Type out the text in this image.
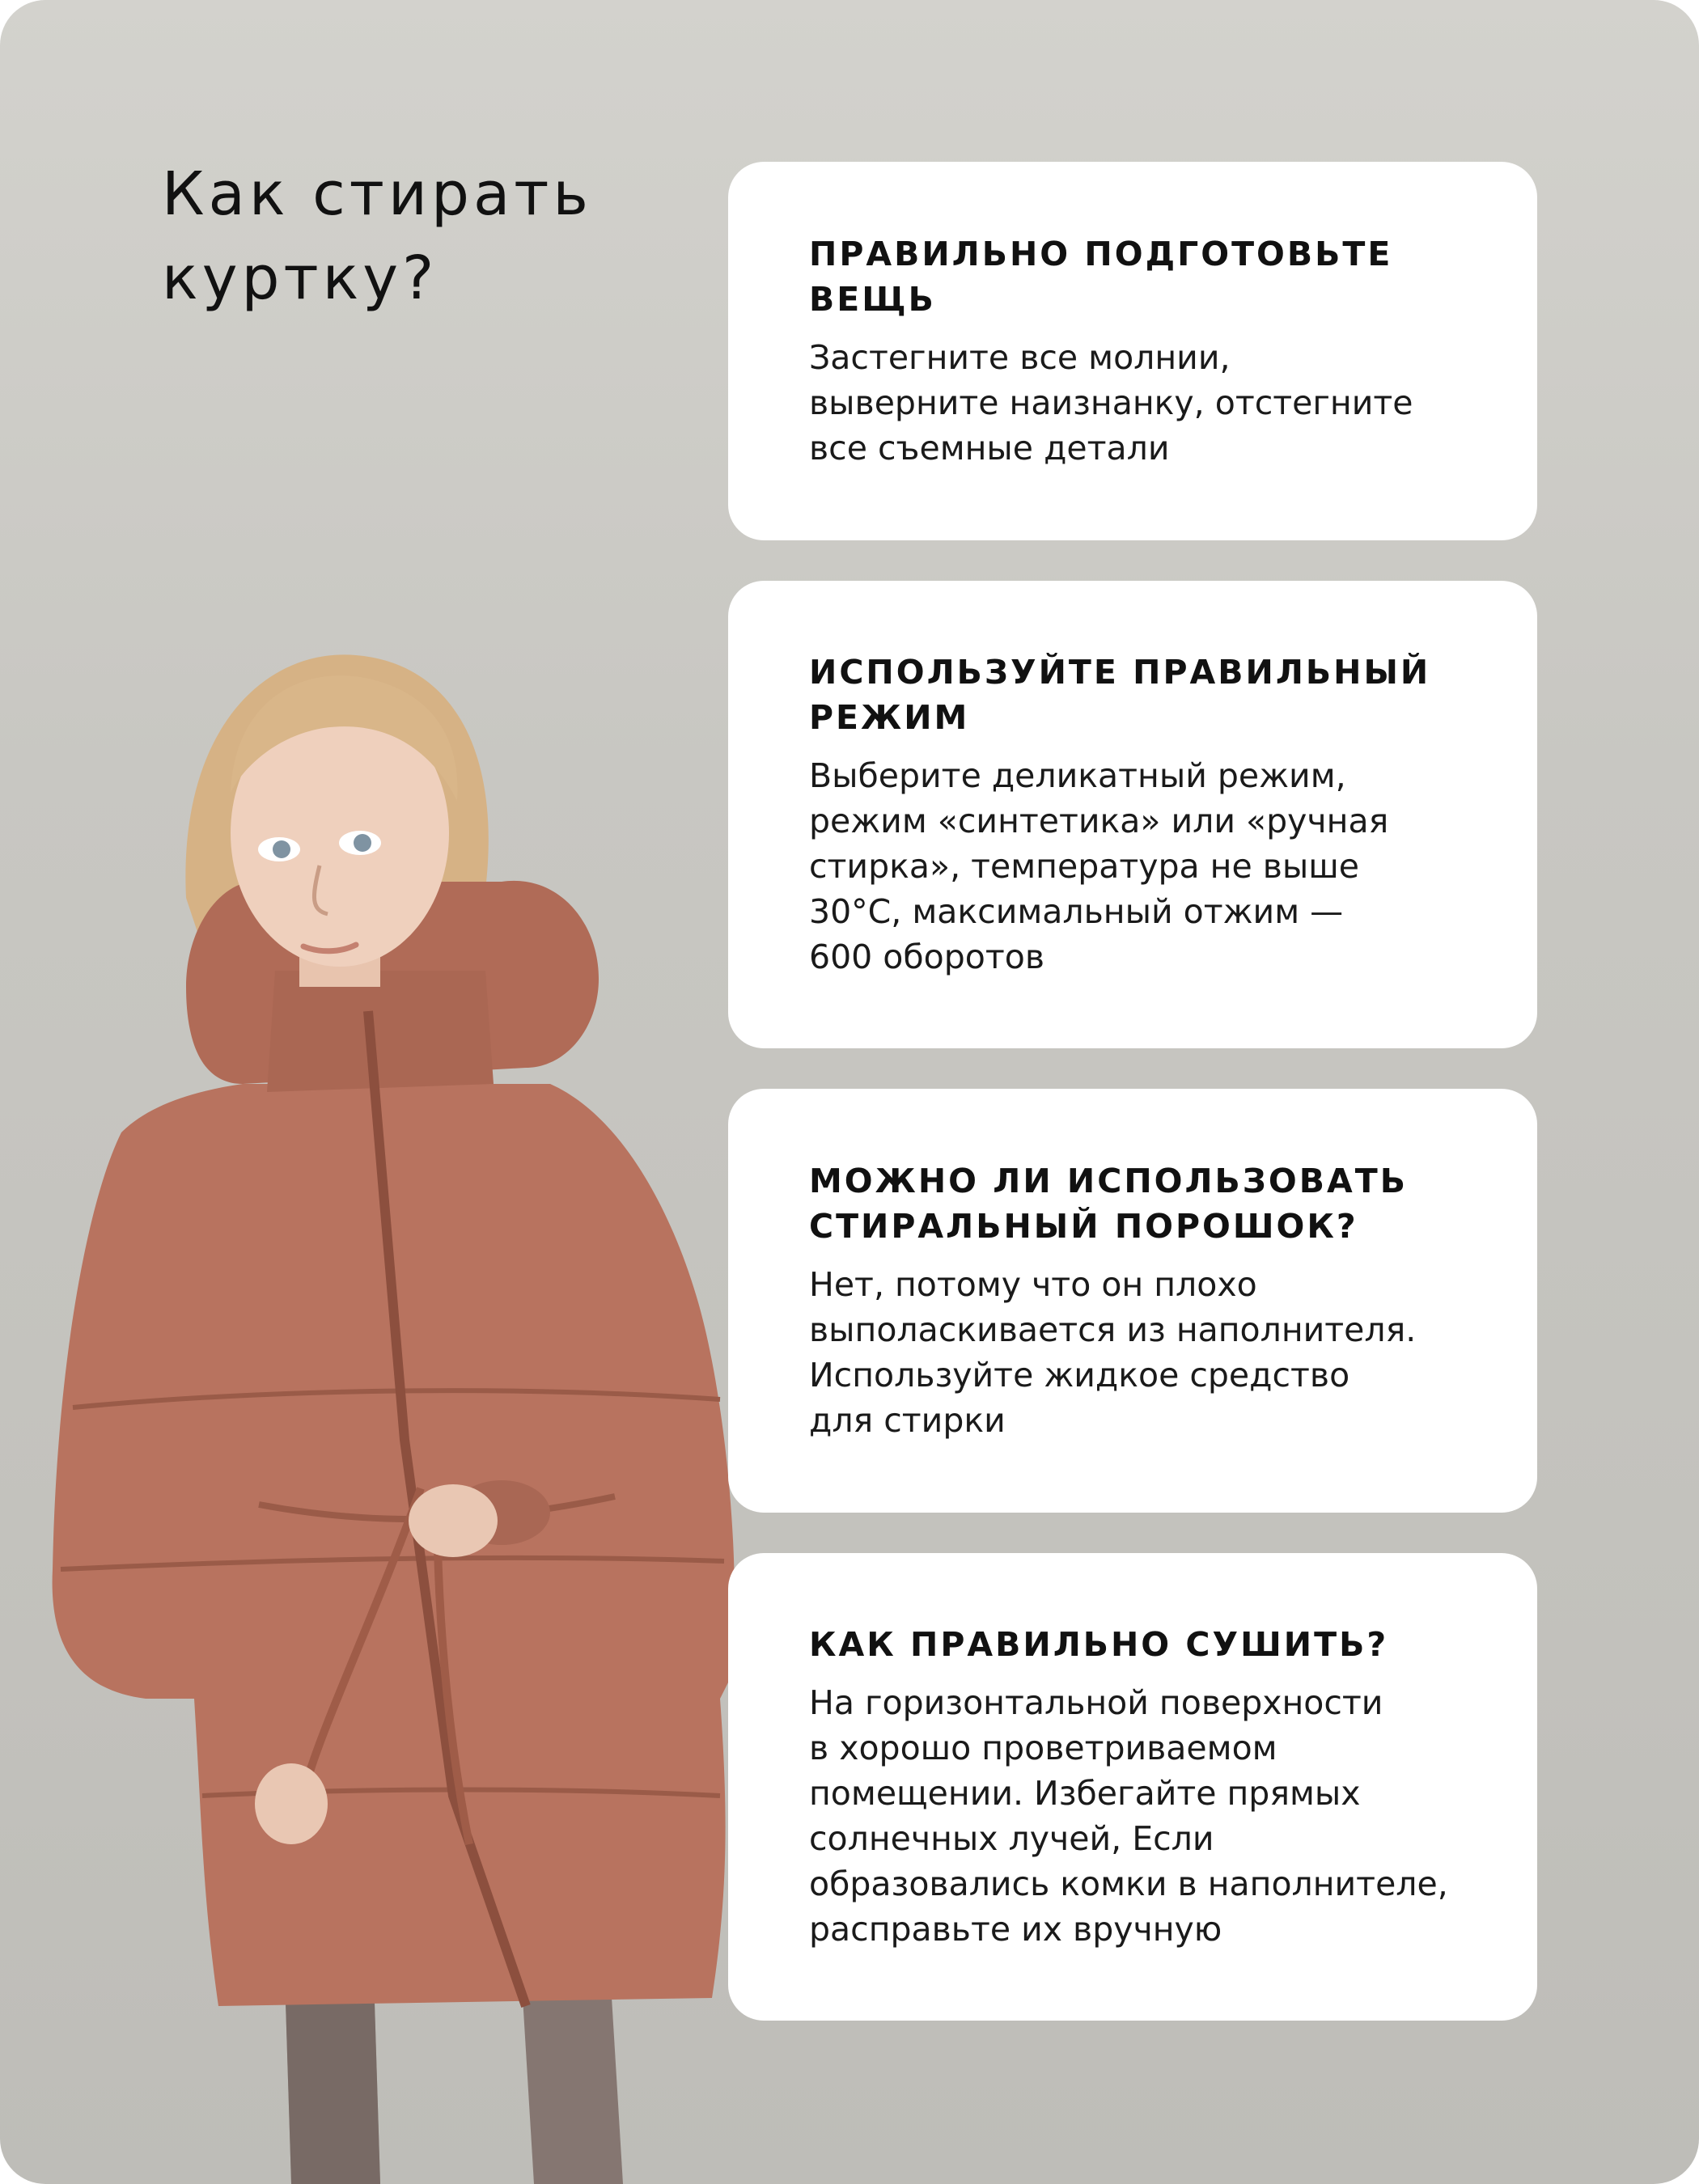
Как стирать
куртку?	ПРАВИЛЬНО ПОДГОТОВЬТЕ ВЕЩЬ

Застегните все молнии,
выверните наизнанку, отстегните
все съемные детали

ИСПОЛЬЗУЙТЕ ПРАВИЛЬНЫЙ РЕЖИМ

Выберите деликатный режим,
режим «синтетика» или «ручная
стирка», температура не выше
30°С, максимальный отжим —
600 оборотов

МОЖНО ЛИ ИСПОЛЬЗОВАТЬ СТИРАЛЬНЫЙ ПОРОШОК?

Нет, потому что он плохо
выполаскивается из наполнителя.
Используйте жидкое средство
для стирки

КАК ПРАВИЛЬНО СУШИТЬ?

На горизонтальной поверхности
в хорошо проветриваемом
помещении. Избегайте прямых
солнечных лучей, Если
образовались комки в наполнителе,
расправьте их вручную
